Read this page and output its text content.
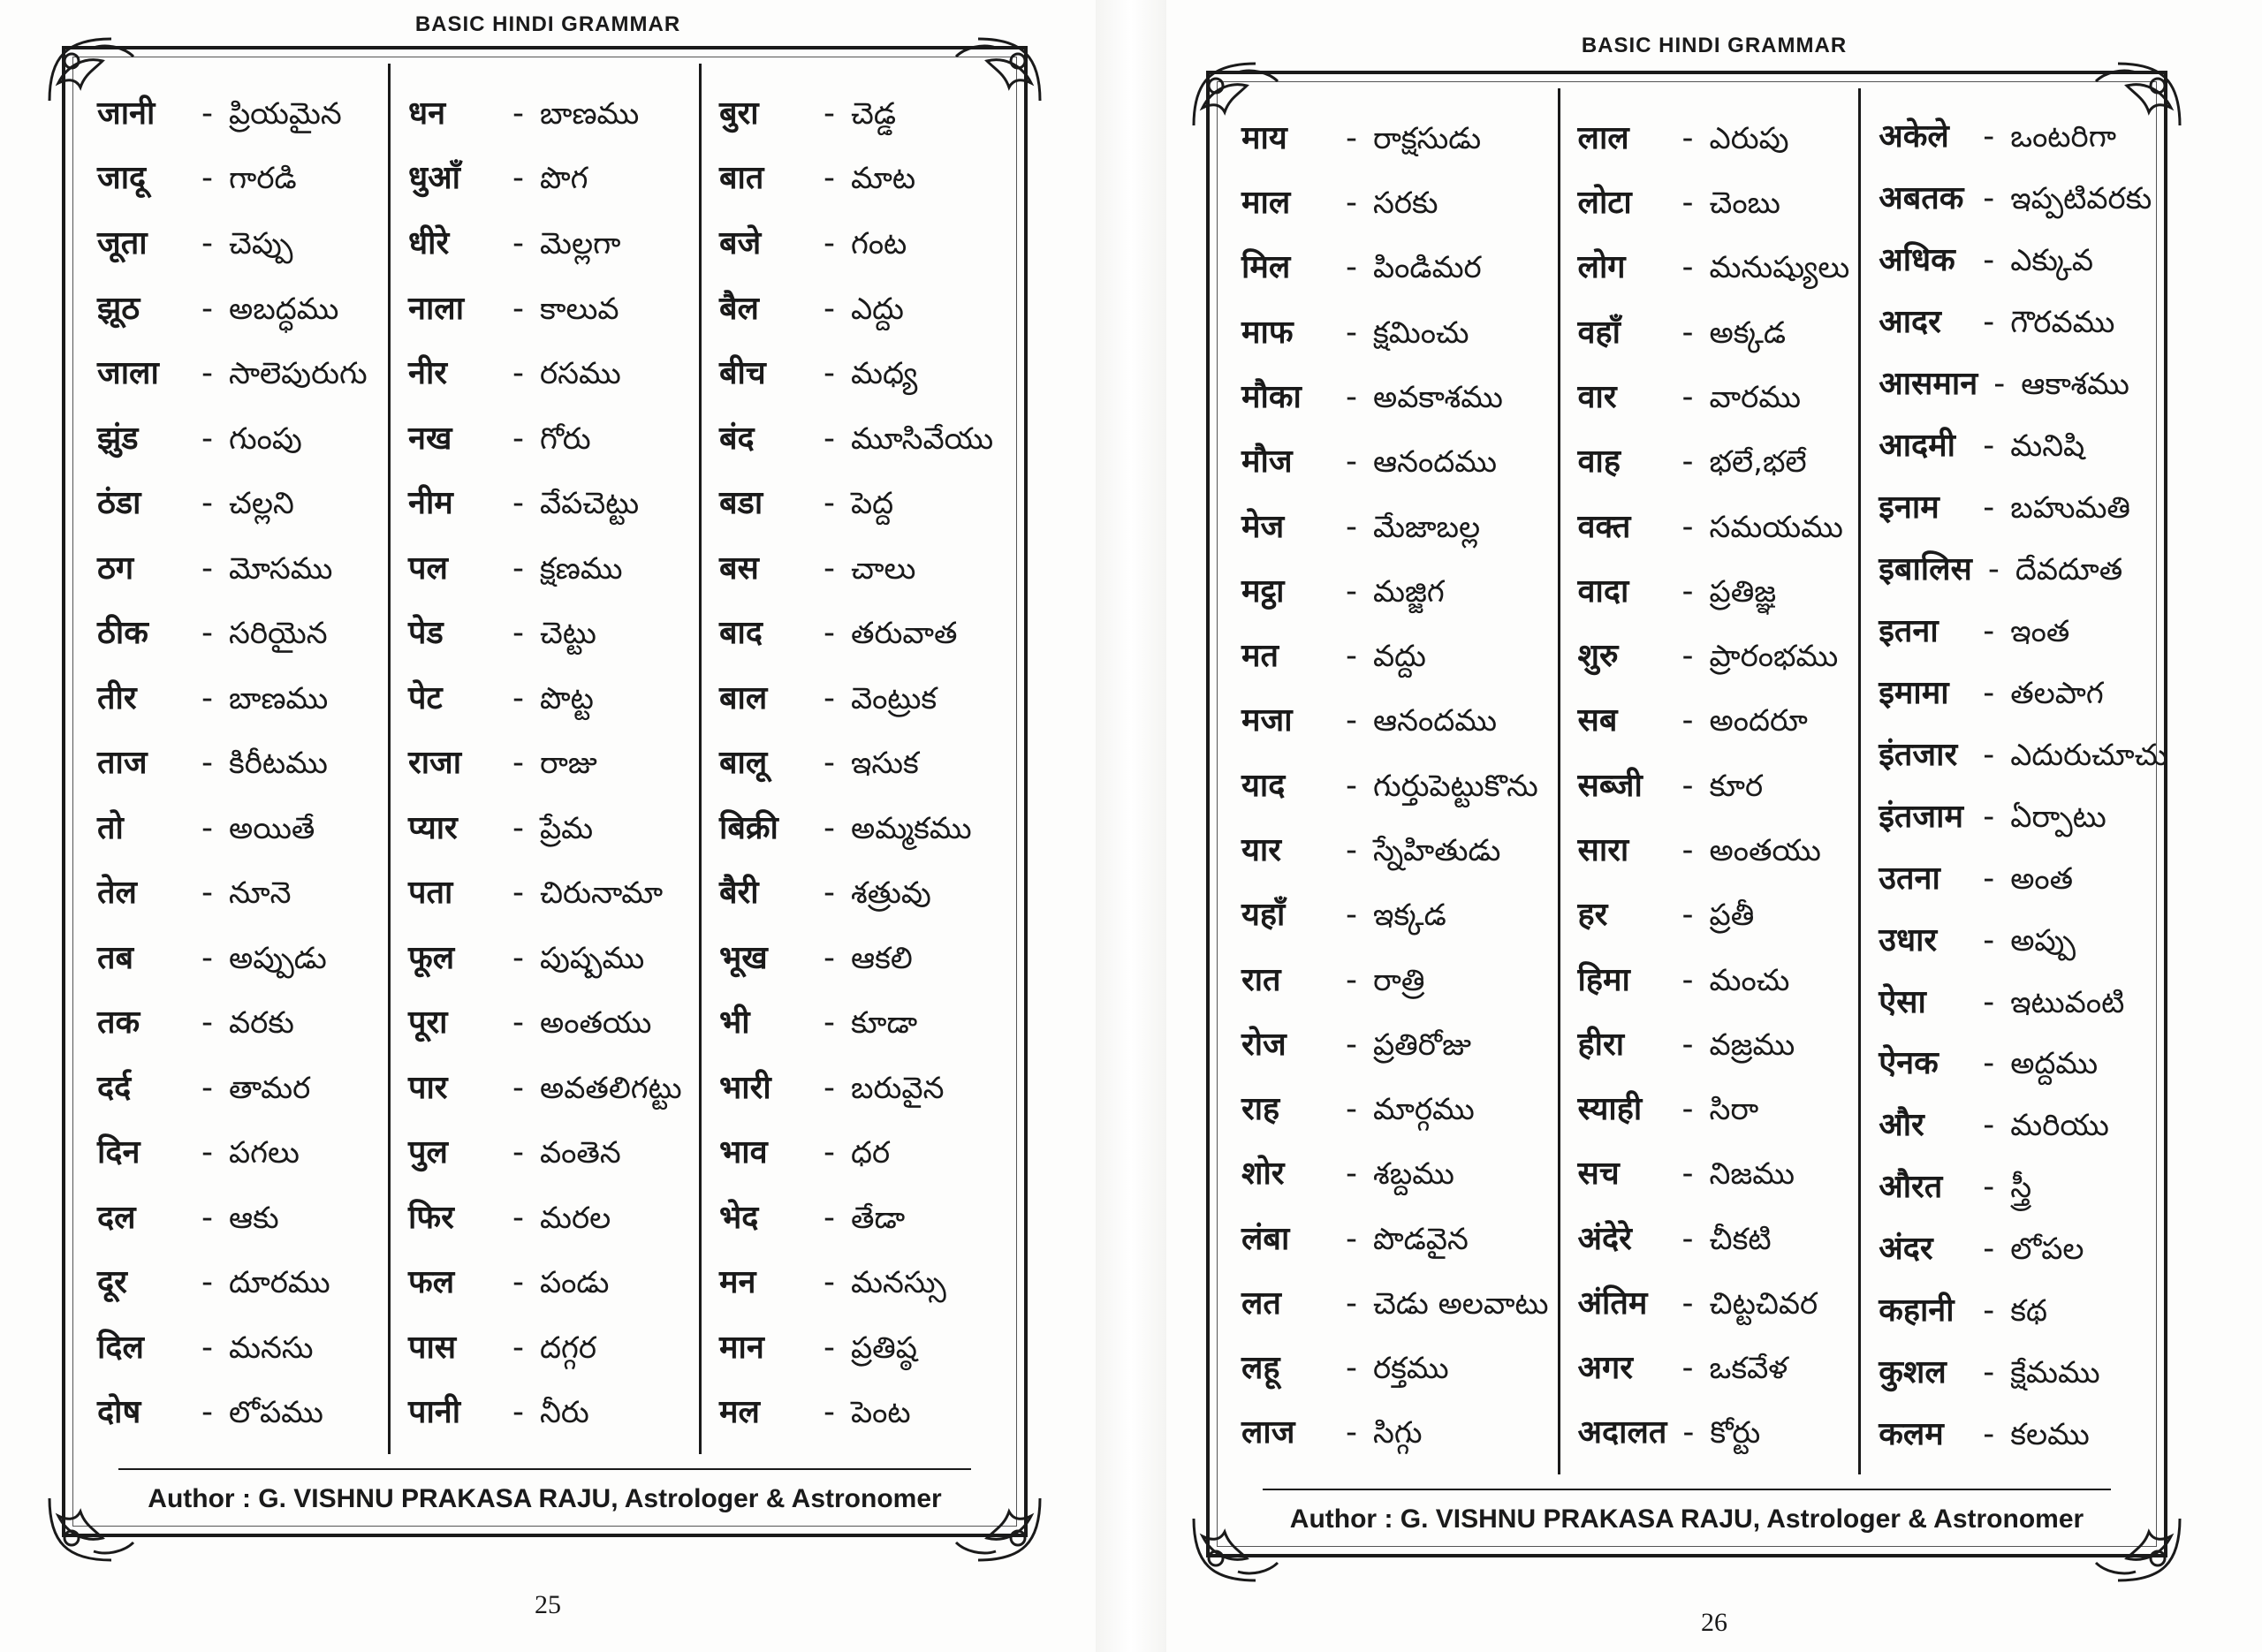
BASIC HINDI GRAMMAR
जानी	- ప్రియమైన
जादू	- గారడి
जूता	- చెప్పు
झूठ	- అబద్ధము
जाला	- సాలెపురుగు
झुंड	- గుంపు
ठंडा	- చల్లని
ठग	- మోసము
ठीक	- సరియైన
तीर	- బాణము
ताज	- కిరీటము
तो	- అయితే
तेल	- నూనె
तब	- అప్పుడు
तक	- వరకు
दर्द	- తామర
दिन	- పగలు
दल	- ఆకు
दूर	- దూరము
दिल	- మనసు
दोष	- లోపము
धन	- బాణము
धुआँ	- పొగ
धीरे	- మెల్లగా
नाला	- కాలువ
नीर	- రసము
नख	- గోరు
नीम	- వేపచెట్టు
पल	- క్షణము
पेड	- చెట్టు
पेट	- పొట్ట
राजा	- రాజు
प्यार	- ప్రేమ
पता	- చిరునామా
फूल	- పుష్పము
पूरा	- అంతయు
पार	- అవతలిగట్టు
पुल	- వంతెన
फिर	- మరల
फल	- పండు
पास	- దగ్గర
पानी	- నీరు
बुरा	- చెడ్డ
बात	- మాట
बजे	- గంట
बैल	- ఎద్దు
बीच	- మధ్య
बंद	- మూసివేయు
बडा	- పెద్ద
बस	- చాలు
बाद	- తరువాత
बाल	- వెంట్రుక
बालू	- ఇసుక
बिक्री	- అమ్మకము
बैरी	- శత్రువు
भूख	- ఆకలి
भी	- కూడా
भारी	- బరువైన
भाव	- ధర
भेद	- తేడా
मन	- మనస్సు
मान	- ప్రతిష్ఠ
मल	- పెంట
Author : G. VISHNU PRAKASA RAJU, Astrologer & Astronomer
25
BASIC HINDI GRAMMAR
माय	- రాక్షసుడు
माल	- సరకు
मिल	- పిండిమర
माफ	- క్షమించు
मौका	- అవకాశము
मौज	- ఆనందము
मेज	- మేజాబల్ల
मट्ठा	- మజ్జిగ
मत	- వద్దు
मजा	- ఆనందము
याद	- గుర్తుపెట్టుకొను
यार	- స్నేహితుడు
यहाँ	- ఇక్కడ
रात	- రాత్రి
रोज	- ప్రతిరోజు
राह	- మార్గము
शोर	- శబ్దము
लंबा	- పొడవైన
लत	- చెడు అలవాటు
लहू	- రక్తము
लाज	- సిగ్గు
लाल	- ఎరుపు
लोटा	- చెంబు
लोग	- మనుష్యులు
वहाँ	- అక్కడ
वार	- వారము
वाह	- భలే,భలే
वक्त	- సమయము
वादा	- ప్రతిజ్ఞ
शुरु	- ప్రారంభము
सब	- అందరూ
सब्जी	- కూర
सारा	- అంతయు
हर	- ప్రతీ
हिमा	- మంచు
हीरा	- వజ్రము
स्याही	- సిరా
सच	- నిజము
अंदेरे	- చీకటి
अंतिम	- చిట్టచివర
अगर	- ఒకవేళ
अदालत - కోర్టు
अकेले	- ఒంటరిగా
अबतक - ఇప్పటివరకు
अधिक - ఎక్కువ
आदर	- గౌరవము
आसमान - ఆకాశము
आदमी - మనిషి
इनाम	- బహుమతి
इबालिस - దేవదూత
इतना	- ఇంత
इमामा	- తలపాగ
इंतजार - ఎదురుచూచు
इंतजाम - ఏర్పాటు
उतना	- అంత
उधार	- అప్పు
ऐसा	- ఇటువంటి
ऐनक	- అద్దము
और	- మరియు
औरत	- స్త్రీ
अंदर	- లోపల
कहानी - కథ
कुशल	- క్షేమము
कलम	- కలము
Author : G. VISHNU PRAKASA RAJU, Astrologer & Astronomer
26
